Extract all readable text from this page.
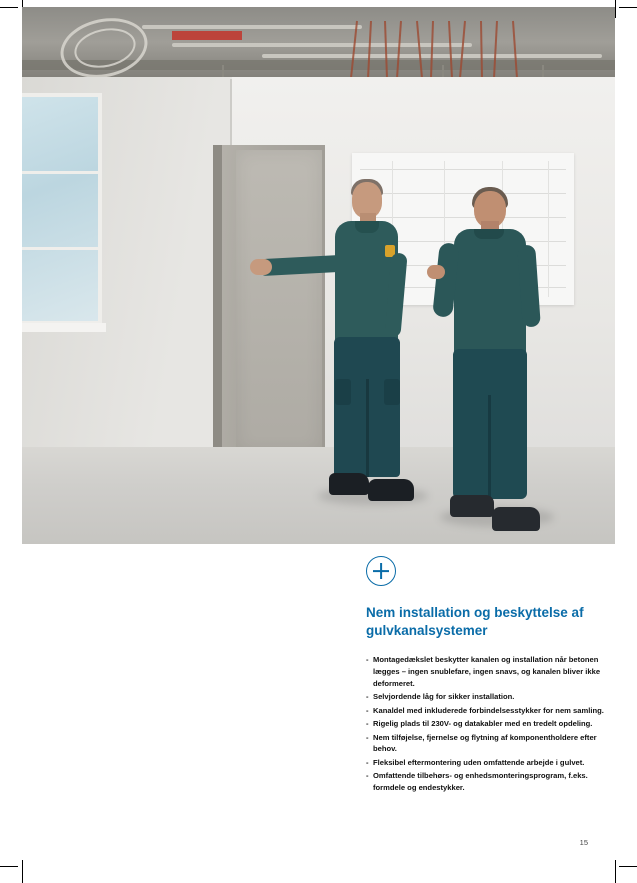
Nem installation og beskyttelse af gulvkanalsystemer
- Montagedækslet beskytter kanalen og installation når betonen lægges – ingen snublefare, ingen snavs, og kanalen bliver ikke deformeret.
- Selvjordende låg for sikker installation.
- Kanaldel med inkluderede forbindelsesstykker for nem samling.
- Rigelig plads til 230V- og datakabler med en tredelt opdeling.
- Nem tilføjelse, fjernelse og flytning af komponentholdere efter behov.
- Fleksibel eftermontering uden omfattende arbejde i gulvet.
- Omfattende tilbehørs- og enhedsmonteringsprogram, f.eks. formdele og endestykker.
15
